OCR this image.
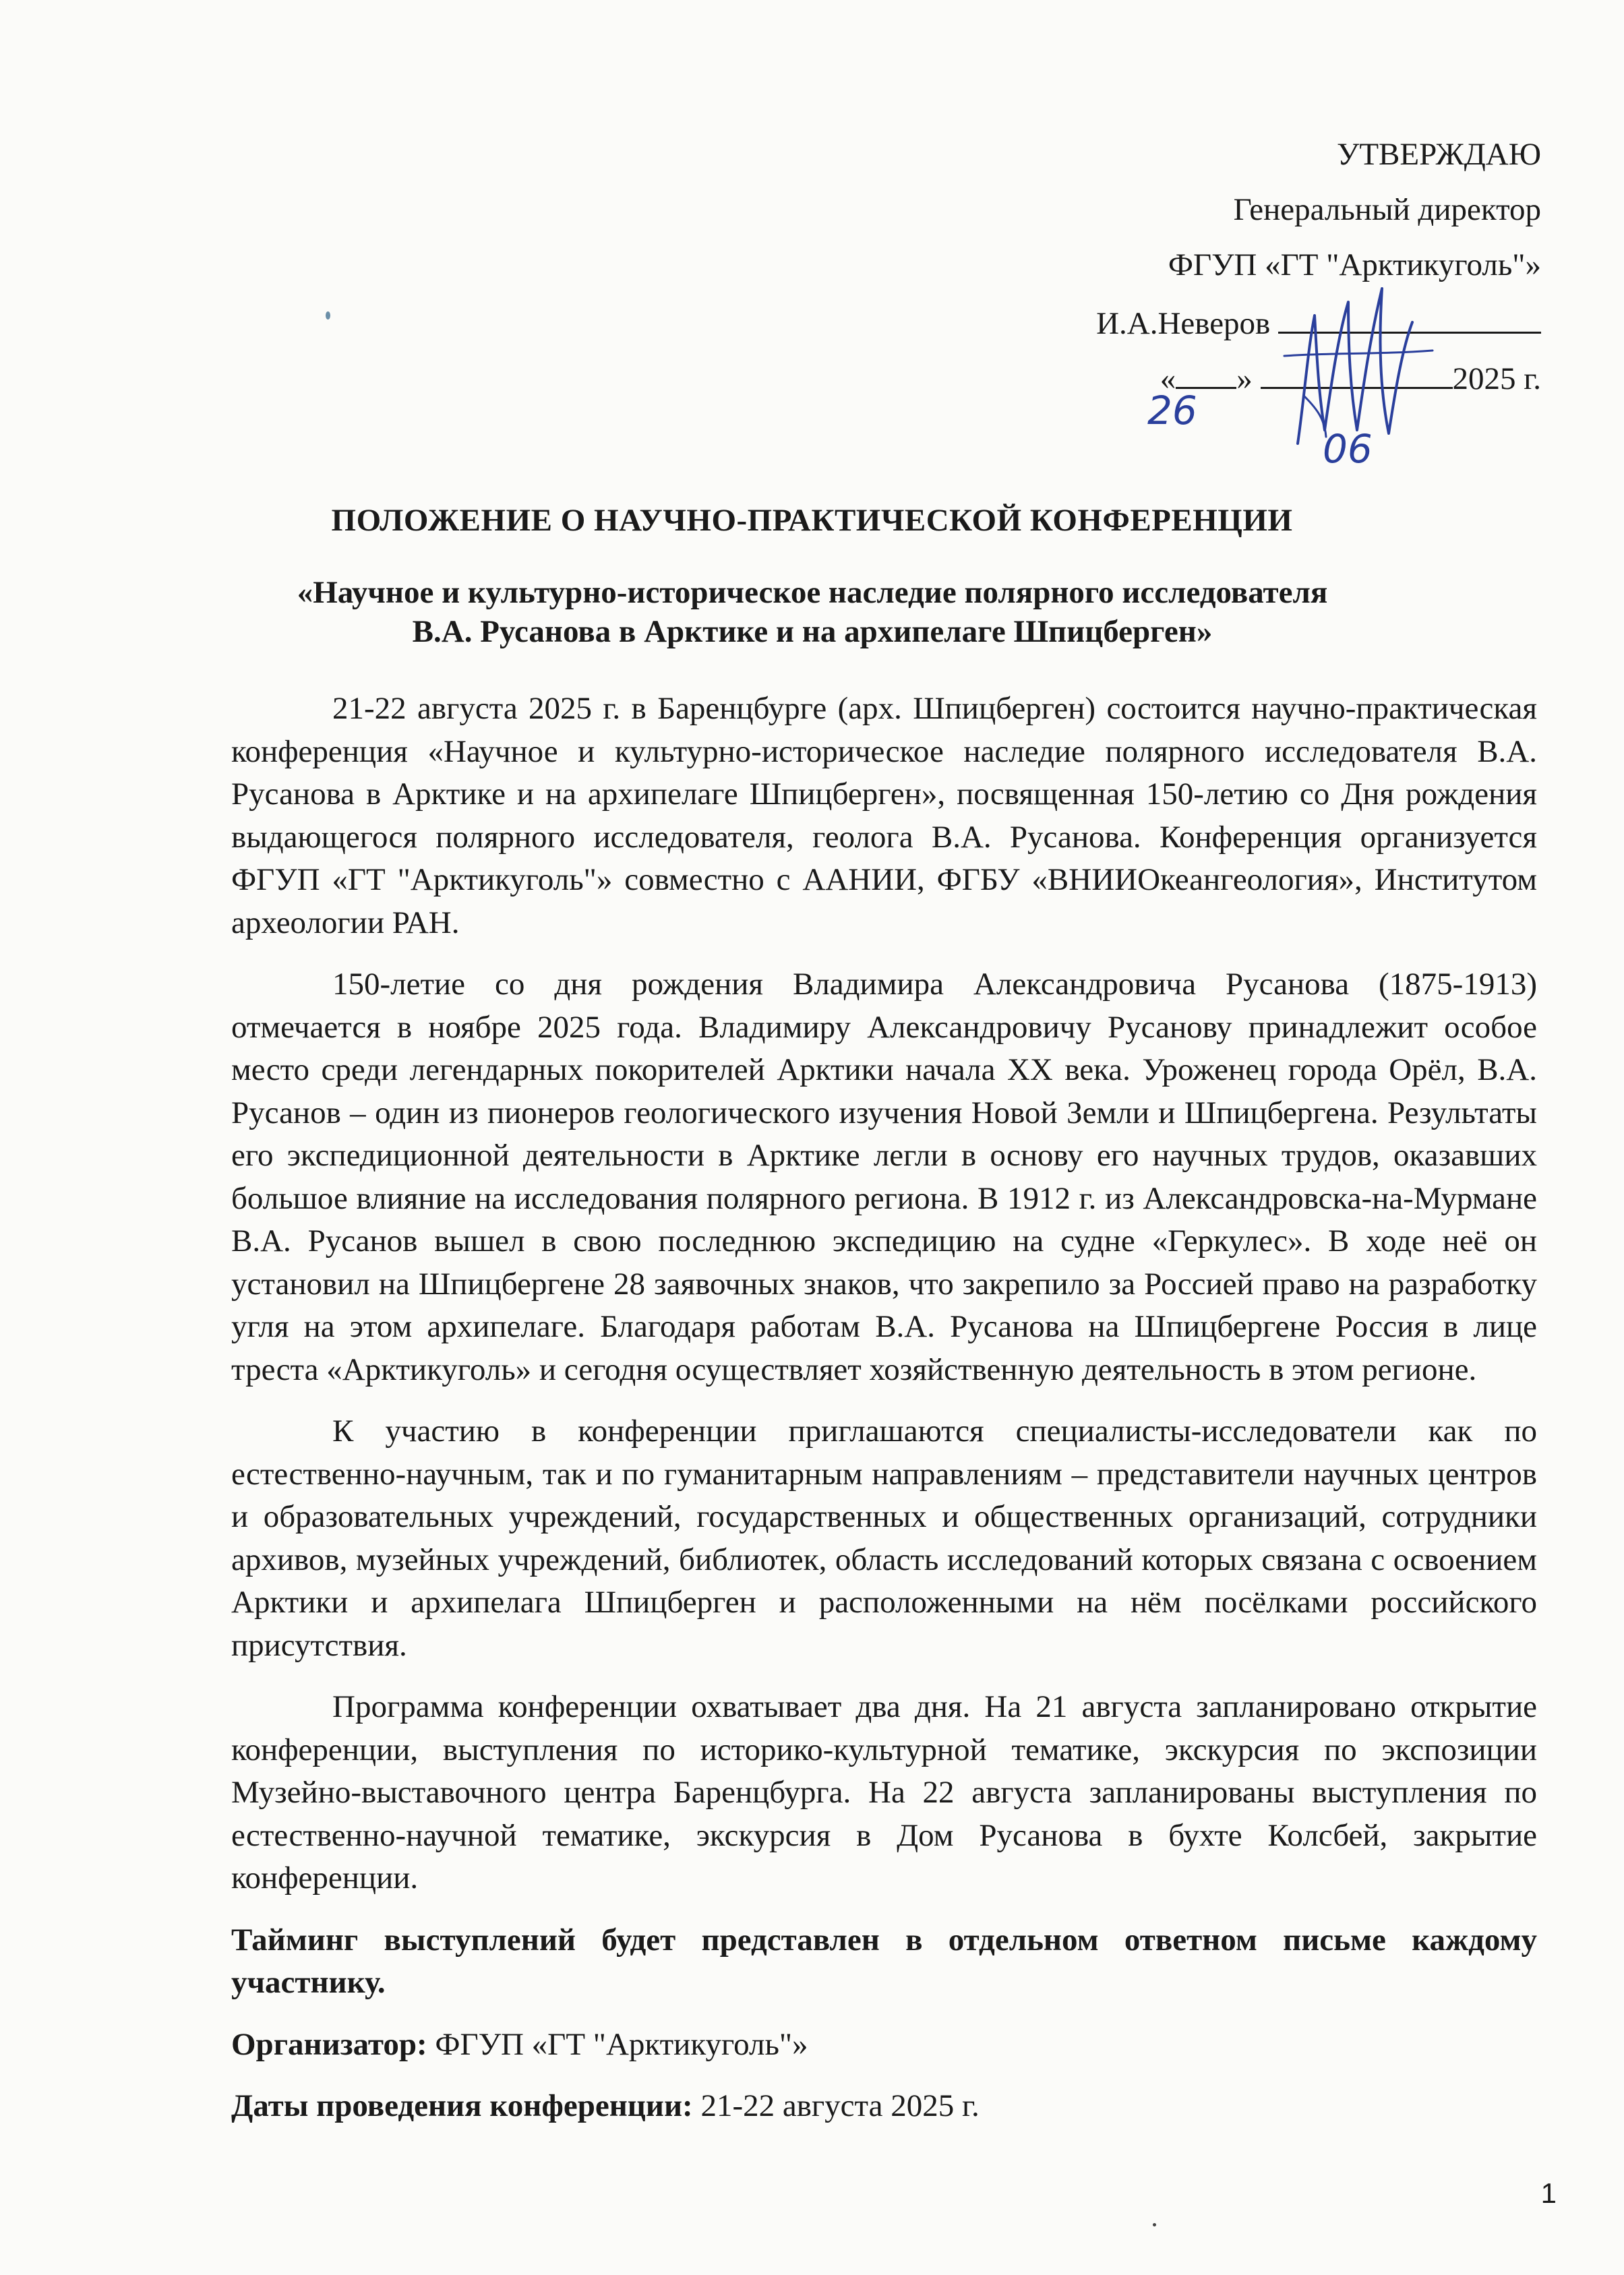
УТВЕРЖДАЮ
Генеральный директор
ФГУП «ГТ "Арктикуголь"»
И.А.Неверов
« »	2025 г.
26
06
ПОЛОЖЕНИЕ О НАУЧНО-ПРАКТИЧЕСКОЙ КОНФЕРЕНЦИИ
«Научное и культурно-историческое наследие полярного исследователя
В.А. Русанова в Арктике и на архипелаге Шпицберген»

21-22 августа 2025 г. в Баренцбурге (арх. Шпицберген) состоится научно-практическая конференция «Научное и культурно-историческое наследие полярного исследователя В.А. Русанова в Арктике и на архипелаге Шпицберген», посвященная 150-летию со Дня рождения выдающегося полярного исследователя, геолога В.А. Русанова. Конференция организуется ФГУП «ГТ "Арктикуголь"» совместно с ААНИИ, ФГБУ «ВНИИОкеангеология», Институтом археологии РАН.

150-летие со дня рождения Владимира Александровича Русанова (1875-1913) отмечается в ноябре 2025 года. Владимиру Александровичу Русанову принадлежит особое место среди легендарных покорителей Арктики начала XX века. Уроженец города Орёл, В.А. Русанов – один из пионеров геологического изучения Новой Земли и Шпицбергена. Результаты его экспедиционной деятельности в Арктике легли в основу его научных трудов, оказавших большое влияние на исследования полярного региона. В 1912 г. из Александровска-на-Мурмане В.А. Русанов вышел в свою последнюю экспедицию на судне «Геркулес». В ходе неё он установил на Шпицбергене 28 заявочных знаков, что закрепило за Россией право на разработку угля на этом архипелаге. Благодаря работам В.А. Русанова на Шпицбергене Россия в лице треста «Арктикуголь» и сегодня осуществляет хозяйственную деятельность в этом регионе.

К участию в конференции приглашаются специалисты-исследователи как по естественно-научным, так и по гуманитарным направлениям – представители научных центров и образовательных учреждений, государственных и общественных организаций, сотрудники архивов, музейных учреждений, библиотек, область исследований которых связана с освоением Арктики и архипелага Шпицберген и расположенными на нём посёлками российского присутствия.

Программа конференции охватывает два дня. На 21 августа запланировано открытие конференции, выступления по историко-культурной тематике, экскурсия по экспозиции Музейно-выставочного центра Баренцбурга. На 22 августа запланированы выступления по естественно-научной тематике, экскурсия в Дом Русанова в бухте Колсбей, закрытие конференции.

Тайминг выступлений будет представлен в отдельном ответном письме каждому участнику.

Организатор: ФГУП «ГТ "Арктикуголь"»

Даты проведения конференции: 21-22 августа 2025 г.

1
